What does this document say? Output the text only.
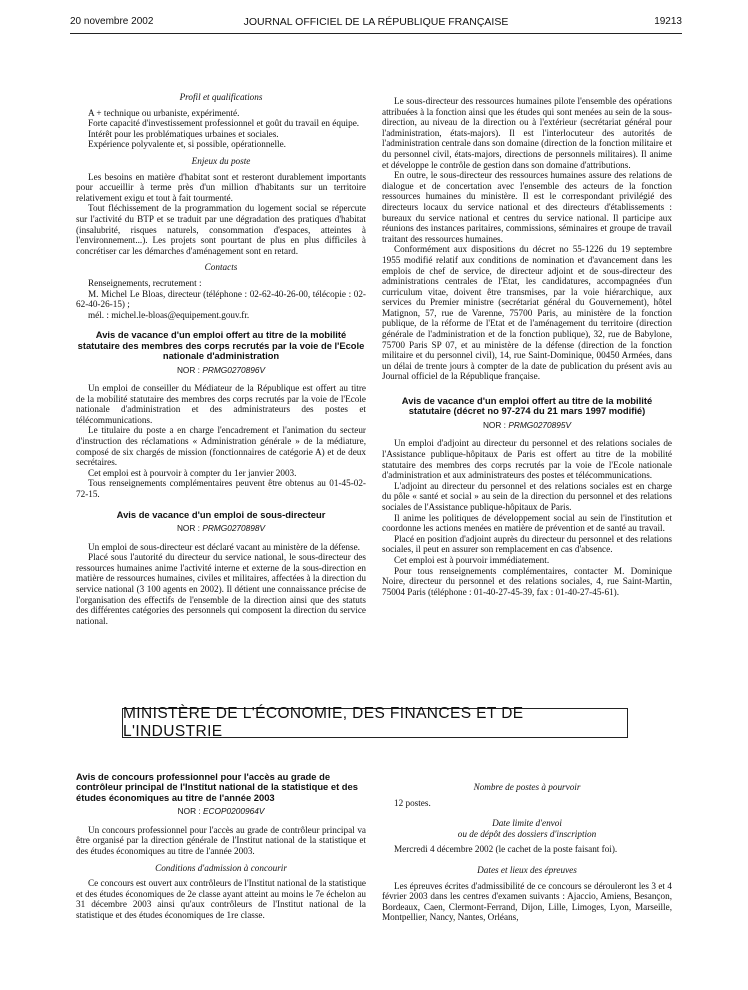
20 novembre 2002	JOURNAL OFFICIEL DE LA RÉPUBLIQUE FRANÇAISE	19213

Profil et qualifications

A + technique ou urbaniste, expérimenté.

Forte capacité d'investissement professionnel et goût du travail en équipe.

Intérêt pour les problématiques urbaines et sociales.

Expérience polyvalente et, si possible, opérationnelle.

Enjeux du poste

Les besoins en matière d'habitat sont et resteront durablement importants pour accueillir à terme près d'un million d'habitants sur un territoire relativement exigu et tout à fait tourmenté.

Tout fléchissement de la programmation du logement social se répercute sur l'activité du BTP et se traduit par une dégradation des pratiques d'habitat (insalubrité, risques naturels, consommation d'espaces, atteintes à l'environnement...). Les projets sont pourtant de plus en plus difficiles à concrétiser car les démarches d'aménagement sont en retard.

Contacts

Renseignements, recrutement :

M. Michel Le Bloas, directeur (téléphone : 02-62-40-26-00, télécopie : 02-62-40-26-15) ;

mél. : michel.le-bloas@equipement.gouv.fr.

Avis de vacance d'un emploi offert au titre de la mobilité statutaire des membres des corps recrutés par la voie de l'Ecole nationale d'administration
NOR : PRMG0270896V

Un emploi de conseiller du Médiateur de la République est offert au titre de la mobilité statutaire des membres des corps recrutés par la voie de l'Ecole nationale d'administration et des administrateurs des postes et télécommunications.

Le titulaire du poste a en charge l'encadrement et l'animation du secteur d'instruction des réclamations « Administration générale » de la médiature, composé de six chargés de mission (fonctionnaires de catégorie A) et de deux secrétaires.

Cet emploi est à pourvoir à compter du 1er janvier 2003.

Tous renseignements complémentaires peuvent être obtenus au 01-45-02-72-15.

Avis de vacance d'un emploi de sous-directeur
NOR : PRMG0270898V

Un emploi de sous-directeur est déclaré vacant au ministère de la défense.

Placé sous l'autorité du directeur du service national, le sous-directeur des ressources humaines anime l'activité interne et externe de la sous-direction en matière de ressources humaines, civiles et militaires, affectées à la direction du service national (3 100 agents en 2002). Il détient une connaissance précise de l'organisation des effectifs de l'ensemble de la direction ainsi que des statuts des différentes catégories des personnels qui composent la direction du service national.

Le sous-directeur des ressources humaines pilote l'ensemble des opérations attribuées à la fonction ainsi que les études qui sont menées au sein de la sous-direction, au niveau de la direction ou à l'extérieur (secrétariat général pour l'administration, états-majors). Il est l'interlocuteur des autorités de l'administration centrale dans son domaine (direction de la fonction militaire et du personnel civil, états-majors, directions de personnels militaires). Il anime et développe le contrôle de gestion dans son domaine d'attributions.

En outre, le sous-directeur des ressources humaines assure des relations de dialogue et de concertation avec l'ensemble des acteurs de la fonction ressources humaines du ministère. Il est le correspondant privilégié des directeurs locaux du service national et des directeurs d'établissements : bureaux du service national et centres du service national. Il participe aux réunions des instances paritaires, commissions, séminaires et groupe de travail traitant des ressources humaines.

Conformément aux dispositions du décret no 55-1226 du 19 septembre 1955 modifié relatif aux conditions de nomination et d'avancement dans les emplois de chef de service, de directeur adjoint et de sous-directeur des administrations centrales de l'Etat, les candidatures, accompagnées d'un curriculum vitae, doivent être transmises, par la voie hiérarchique, aux services du Premier ministre (secrétariat général du Gouvernement), hôtel Matignon, 57, rue de Varenne, 75700 Paris, au ministère de la fonction publique, de la réforme de l'Etat et de l'aménagement du territoire (direction générale de l'administration et de la fonction publique), 32, rue de Babylone, 75700 Paris SP 07, et au ministère de la défense (direction de la fonction militaire et du personnel civil), 14, rue Saint-Dominique, 00450 Armées, dans un délai de trente jours à compter de la date de publication du présent avis au Journal officiel de la République française.

Avis de vacance d'un emploi offert au titre de la mobilité statutaire (décret no 97-274 du 21 mars 1997 modifié)
NOR : PRMG0270895V

Un emploi d'adjoint au directeur du personnel et des relations sociales de l'Assistance publique-hôpitaux de Paris est offert au titre de la mobilité statutaire des membres des corps recrutés par la voie de l'Ecole nationale d'administration et aux administrateurs des postes et télécommunications.

L'adjoint au directeur du personnel et des relations sociales est en charge du pôle « santé et social » au sein de la direction du personnel et des relations sociales de l'Assistance publique-hôpitaux de Paris.

Il anime les politiques de développement social au sein de l'institution et coordonne les actions menées en matière de prévention et de santé au travail.

Placé en position d'adjoint auprès du directeur du personnel et des relations sociales, il peut en assurer son remplacement en cas d'absence.

Cet emploi est à pourvoir immédiatement.

Pour tous renseignements complémentaires, contacter M. Dominique Noire, directeur du personnel et des relations sociales, 4, rue Saint-Martin, 75004 Paris (téléphone : 01-40-27-45-39, fax : 01-40-27-45-61).

MINISTÈRE DE L'ÉCONOMIE, DES FINANCES ET DE L'INDUSTRIE
Avis de concours professionnel pour l'accès au grade de contrôleur principal de l'Institut national de la statistique et des études économiques au titre de l'année 2003
NOR : ECOP0200964V

Un concours professionnel pour l'accès au grade de contrôleur principal va être organisé par la direction générale de l'Institut national de la statistique et des études économiques au titre de l'année 2003.

Conditions d'admission à concourir

Ce concours est ouvert aux contrôleurs de l'Institut national de la statistique et des études économiques de 2e classe ayant atteint au moins le 7e échelon au 31 décembre 2003 ainsi qu'aux contrôleurs de l'Institut national de la statistique et des études économiques de 1re classe.

Nombre de postes à pourvoir

12 postes.

Date limite d'envoi

ou de dépôt des dossiers d'inscription

Mercredi 4 décembre 2002 (le cachet de la poste faisant foi).

Dates et lieux des épreuves

Les épreuves écrites d'admissibilité de ce concours se dérouleront les 3 et 4 février 2003 dans les centres d'examen suivants : Ajaccio, Amiens, Besançon, Bordeaux, Caen, Clermont-Ferrand, Dijon, Lille, Limoges, Lyon, Marseille, Montpellier, Nancy, Nantes, Orléans,
